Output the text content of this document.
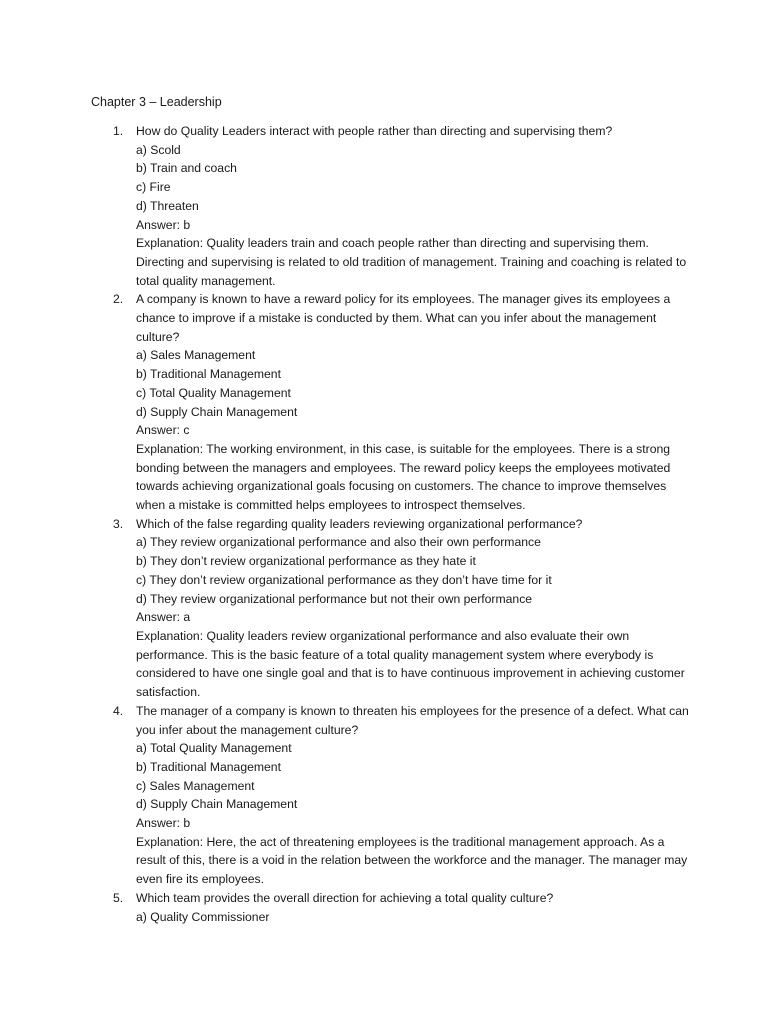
Chapter 3 – Leadership

1. How do Quality Leaders interact with people rather than directing and supervising them?
a) Scold
b) Train and coach
c) Fire
d) Threaten
Answer: b
Explanation: Quality leaders train and coach people rather than directing and supervising them. Directing and supervising is related to old tradition of management. Training and coaching is related to total quality management.
2. A company is known to have a reward policy for its employees. The manager gives its employees a chance to improve if a mistake is conducted by them. What can you infer about the management culture?
a) Sales Management
b) Traditional Management
c) Total Quality Management
d) Supply Chain Management
Answer: c
Explanation: The working environment, in this case, is suitable for the employees. There is a strong bonding between the managers and employees. The reward policy keeps the employees motivated towards achieving organizational goals focusing on customers. The chance to improve themselves when a mistake is committed helps employees to introspect themselves.
3. Which of the false regarding quality leaders reviewing organizational performance?
a) They review organizational performance and also their own performance
b) They don’t review organizational performance as they hate it
c) They don’t review organizational performance as they don’t have time for it
d) They review organizational performance but not their own performance
Answer: a
Explanation: Quality leaders review organizational performance and also evaluate their own performance. This is the basic feature of a total quality management system where everybody is considered to have one single goal and that is to have continuous improvement in achieving customer satisfaction.
4. The manager of a company is known to threaten his employees for the presence of a defect. What can you infer about the management culture?
a) Total Quality Management
b) Traditional Management
c) Sales Management
d) Supply Chain Management
Answer: b
Explanation: Here, the act of threatening employees is the traditional management approach. As a result of this, there is a void in the relation between the workforce and the manager. The manager may even fire its employees.
5. Which team provides the overall direction for achieving a total quality culture?
a) Quality Commissioner
